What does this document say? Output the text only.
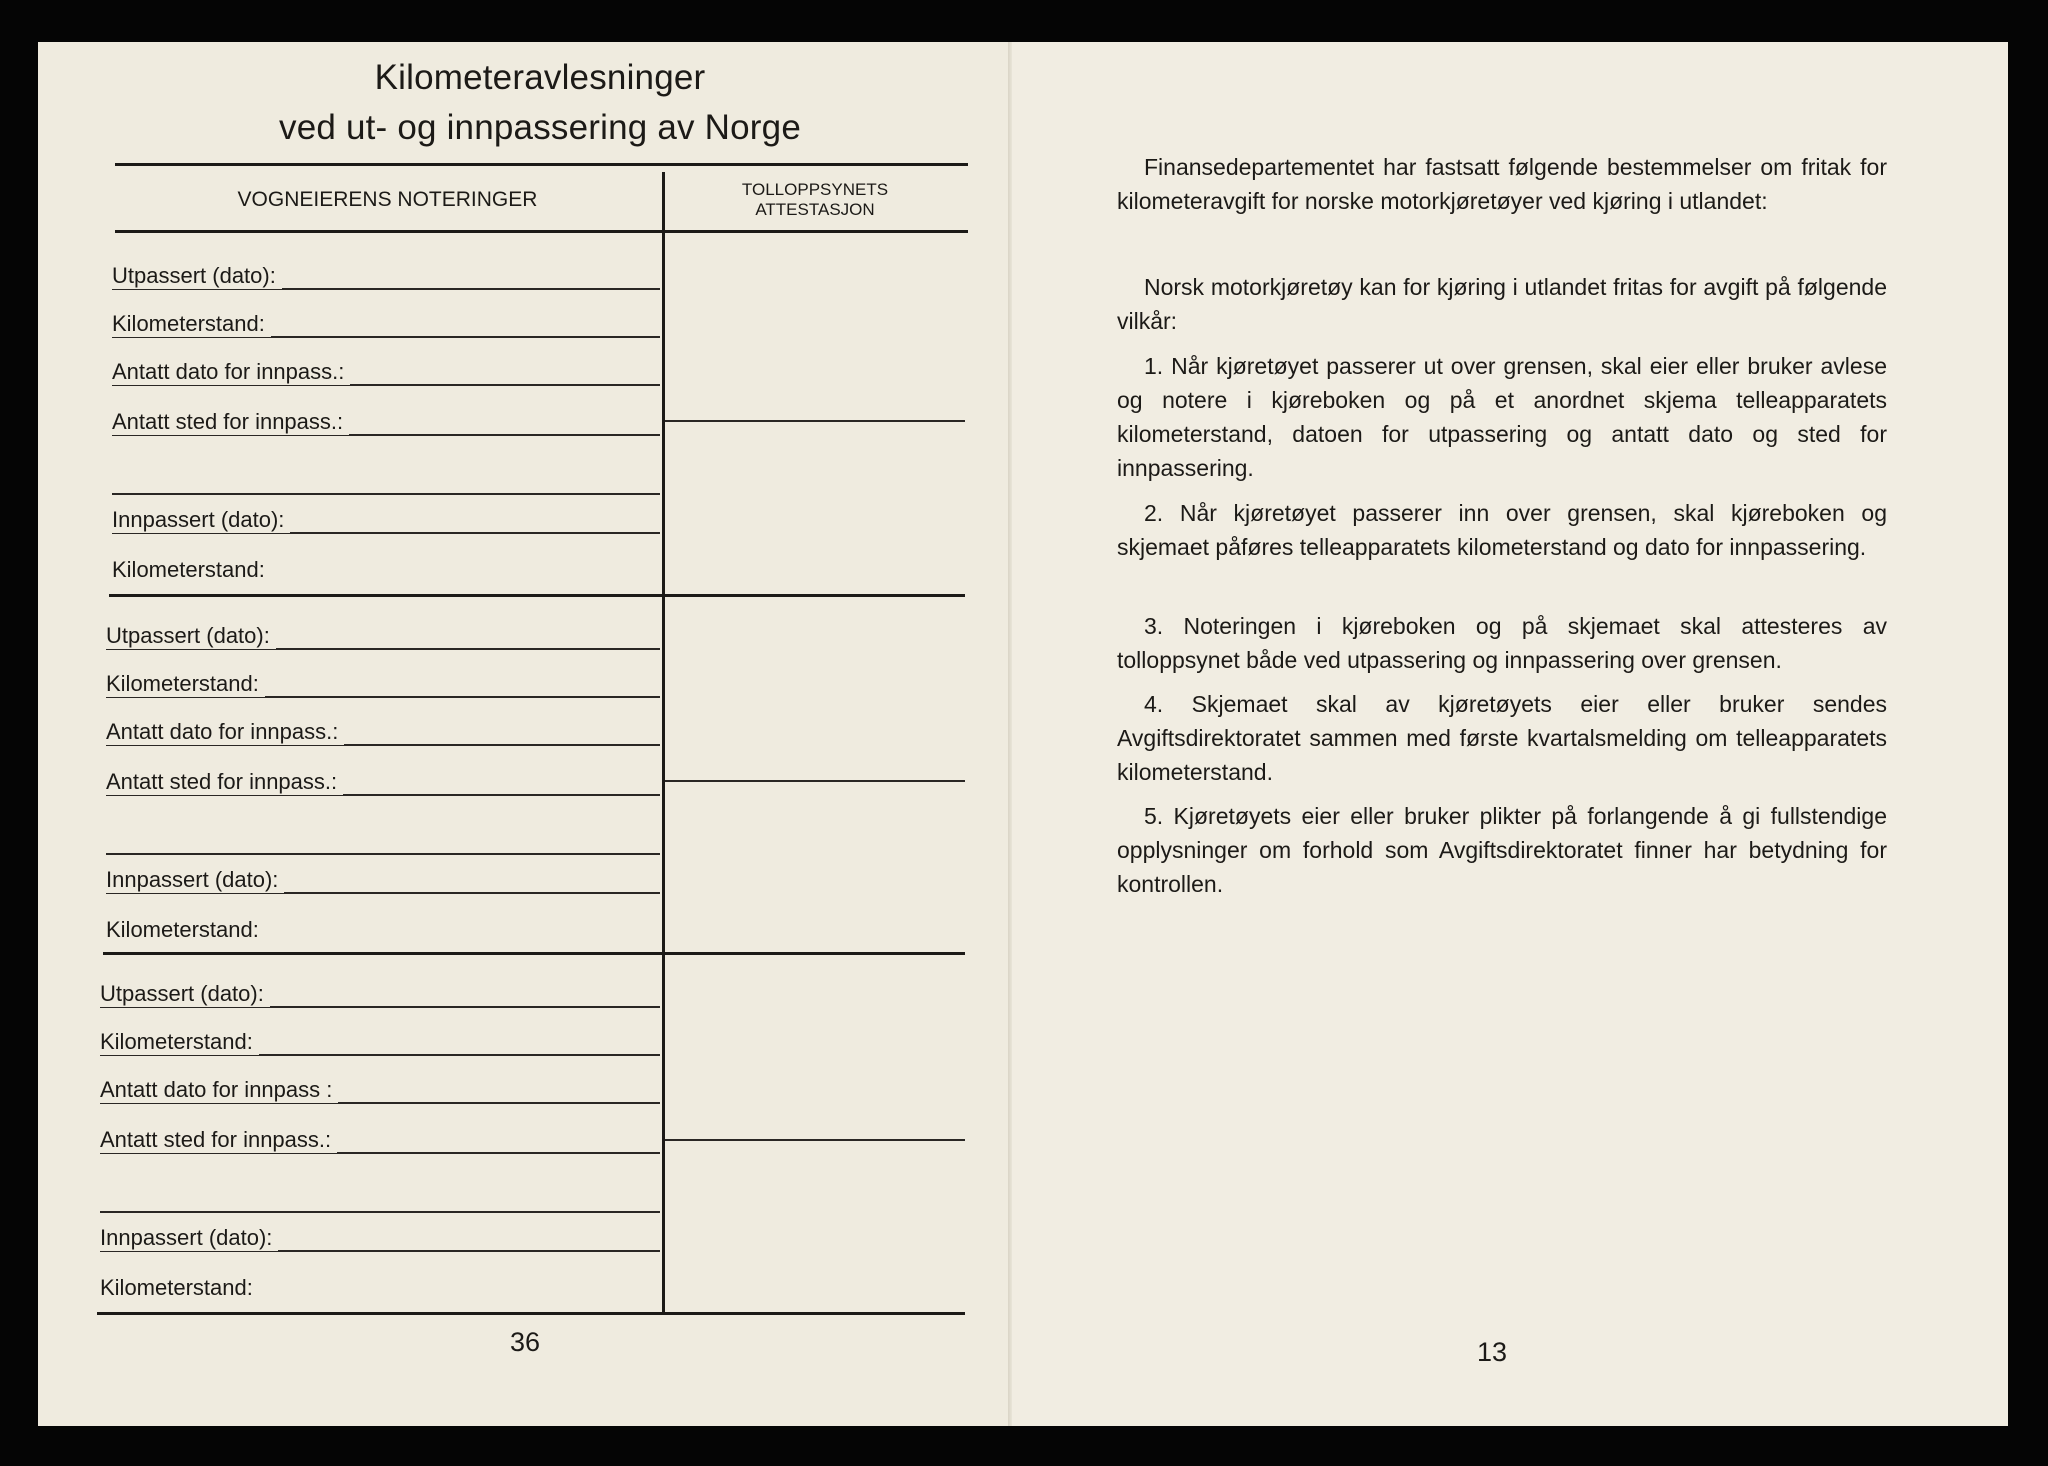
Kilometeravlesninger
ved ut- og innpassering av Norge
VOGNEIERENS NOTERINGER	TOLLOPPSYNETS
ATTESTASJON
Utpassert (dato):
Kilometerstand:
Antatt dato for innpass.:
Antatt sted for innpass.:
Innpassert (dato):
Kilometerstand:
Utpassert (dato):
Kilometerstand:
Antatt dato for innpass.:
Antatt sted for innpass.:
Innpassert (dato):
Kilometerstand:
Utpassert (dato):
Kilometerstand:
Antatt dato for innpass :
Antatt sted for innpass.:
Innpassert (dato):
Kilometerstand:
36
Finansedepartementet har fastsatt følgende bestemmelser om fritak for kilometeravgift for norske motorkjøretøyer ved kjøring i utlandet:
Norsk motorkjøretøy kan for kjøring i utlandet fritas for avgift på følgende vilkår:
1. Når kjøretøyet passerer ut over grensen, skal eier eller bruker avlese og notere i kjøreboken og på et anordnet skjema telleapparatets kilometerstand, datoen for utpassering og antatt dato og sted for innpassering.
2. Når kjøretøyet passerer inn over grensen, skal kjøreboken og skjemaet påføres telleapparatets kilometerstand og dato for innpassering.
3. Noteringen i kjøreboken og på skjemaet skal attesteres av tolloppsynet både ved utpassering og innpassering over grensen.
4. Skjemaet skal av kjøretøyets eier eller bruker sendes Avgiftsdirektoratet sammen med første kvartalsmelding om telleapparatets kilometerstand.
5. Kjøretøyets eier eller bruker plikter på forlangende å gi fullstendige opplysninger om forhold som Avgiftsdirektoratet finner har betydning for kontrollen.
13
